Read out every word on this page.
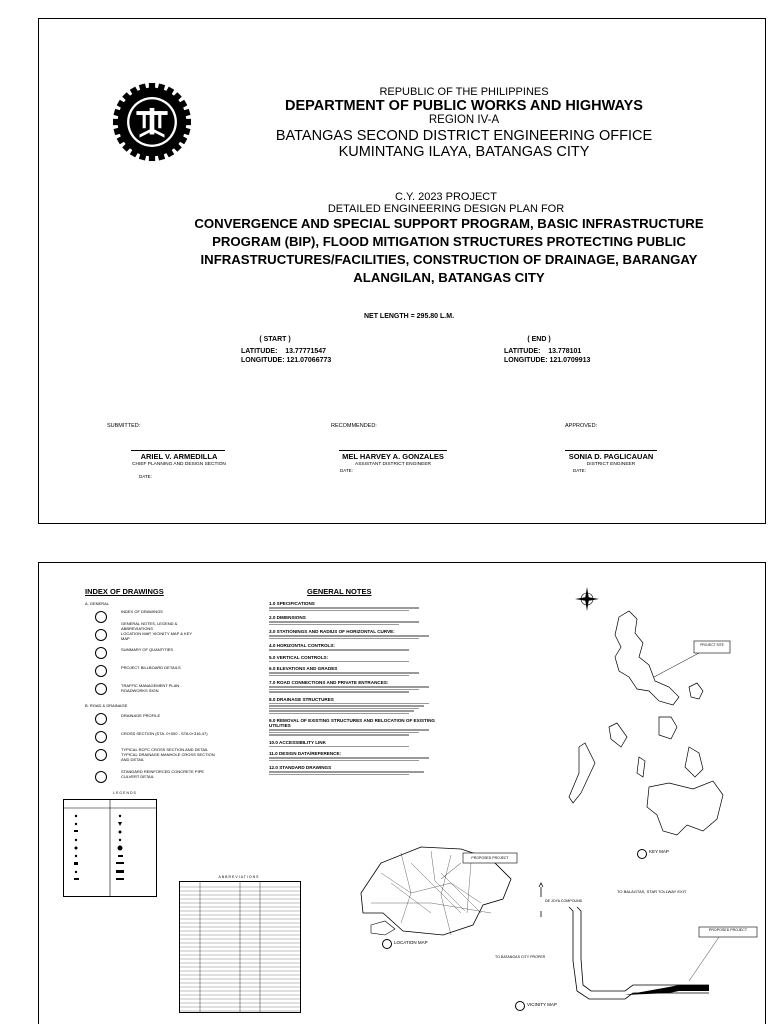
REPUBLIC OF THE PHILIPPINES
DEPARTMENT OF PUBLIC WORKS AND HIGHWAYS
REGION IV-A
BATANGAS SECOND DISTRICT ENGINEERING OFFICE
KUMINTANG ILAYA, BATANGAS CITY
C.Y. 2023 PROJECT
DETAILED ENGINEERING DESIGN PLAN FOR
CONVERGENCE AND SPECIAL SUPPORT PROGRAM, BASIC INFRASTRUCTURE
PROGRAM (BIP), FLOOD MITIGATION STRUCTURES PROTECTING PUBLIC
INFRASTRUCTURES/FACILITIES, CONSTRUCTION OF DRAINAGE, BARANGAY
ALANGILAN, BATANGAS CITY
NET LENGTH = 295.80 L.M.
( START )
LATITUDE:    13.77771547
LONGITUDE: 121.07066773
( END )
LATITUDE:    13.778101
LONGITUDE: 121.0709913
SUBMITTED:
ARIEL V. ARMEDILLA
CHIEF PLANNING AND DESIGN SECTION
DATE:
RECOMMENDED:
MEL HARVEY A. GONZALES
ASSISTANT DISTRICT ENGINEER
DATE:
APPROVED:
SONIA D. PAGLICAUAN
DISTRICT ENGINEER
DATE:
INDEX OF DRAWINGS
A. GENERAL
INDEX OF DRAWINGS
GENERAL NOTES, LEGEND & ABBREVIATIONS
LOCATION MAP, VICINITY MAP & KEY MAP
SUMMARY OF QUANTITIES
PROJECT BILLBOARD DETAILS
TRAFFIC MANAGEMENT PLAN ROADWORKS SIGN
B. ROAD & DRAINAGE
DRAINAGE PROFILE
CROSS SECTION (STA. 0+000 - STA 0+316.47)
TYPICAL RCPC CROSS SECTION AND DETAIL TYPICAL DRAINAGE MANHOLE CROSS SECTION AND DETAIL
STANDARD REINFORCED CONCRETE PIPE CULVERT DETAIL
LEGENDS
GENERAL NOTES
1.0 SPECIFICATIONS
2.0 DIMENSIONS
3.0 STATIONINGS AND RADIUS OF HORIZONTAL CURVE:
4.0 HORIZONTAL CONTROLS:
5.0 VERTICAL CONTROLS:
6.0 ELEVATIONS AND GRADES
7.0 ROAD CONNECTIONS AND PRIVATE ENTRANCES:
8.0 DRAINAGE STRUCTURES
9.0 REMOVAL OF EXISTING STRUCTURES AND RELOCATION OF EXISTING UTILITIES
10.0 ACCESSIBILITY LINK
11.0 DESIGN DATA/REFERENCE:
12.0 STANDARD DRAWINGS
ABBREVIATIONS
PROJECT SITE
KEY MAP
PROPOSED PROJECT
LOCATION MAP
TO BALAGTAS, STAR TOLLWAY EXIT
DE JOYA COMPOUND
TO BATANGAS CITY PROPER
PROPOSED PROJECT
VICINITY MAP
